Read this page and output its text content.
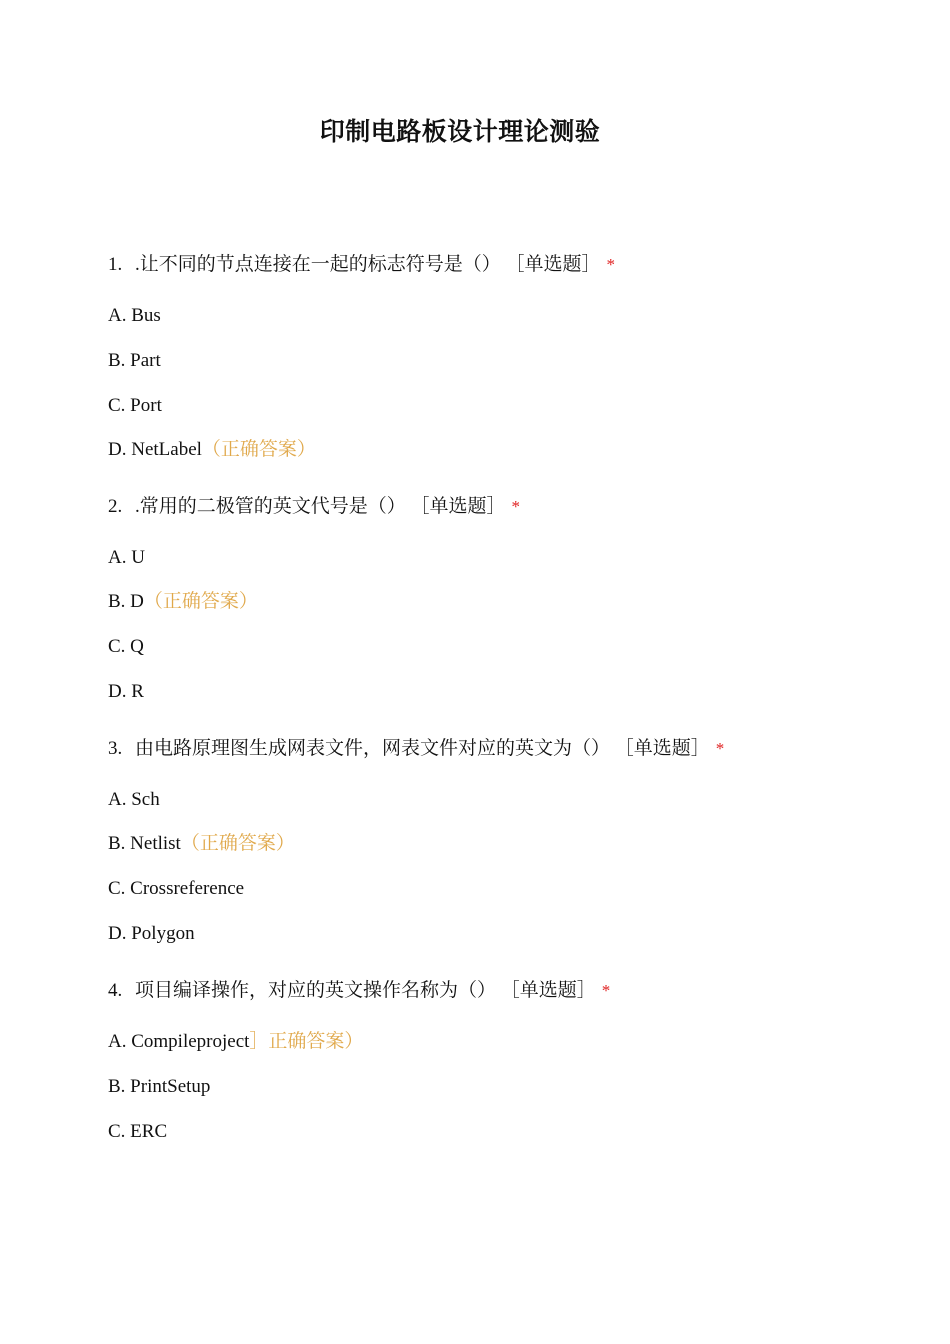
印制电路板设计理论测验
1. .让不同的节点连接在一起的标志符号是（） ［单选题］ *
A. Bus
B. Part
C. Port
D. NetLabel（正确答案）
2. .常用的二极管的英文代号是（） ［单选题］ *
A. U
B. D（正确答案）
C. Q
D. R
3. 由电路原理图生成网表文件，网表文件对应的英文为（） ［单选题］ *
A. Sch
B. Netlist（正确答案）
C. Crossreference
D. Polygon
4. 项目编译操作，对应的英文操作名称为（） ［单选题］ *
A. Compileproject］正确答案）
B. PrintSetup
C. ERC
